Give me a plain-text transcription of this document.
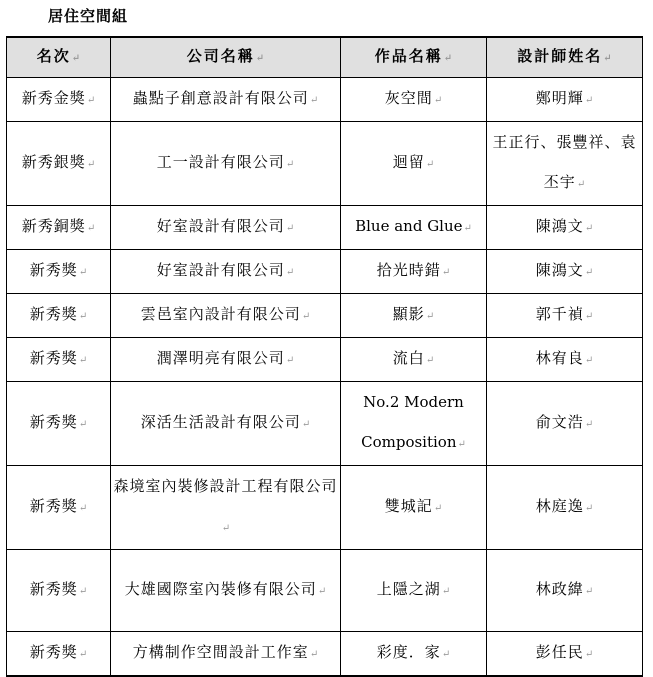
居住空間組
名次↵	公司名稱↵	作品名稱↵	設計師姓名↵
新秀金獎↵	蟲點子創意設計有限公司↵	灰空間↵	鄭明輝↵
新秀銀獎↵	工一設計有限公司↵	迴留↵	王正行、張豐祥、袁丕宇↵
新秀銅獎↵	好室設計有限公司↵	Blue and Glue↵	陳鴻文↵
新秀獎↵	好室設計有限公司↵	拾光時錯↵	陳鴻文↵
新秀獎↵	雲邑室內設計有限公司↵	顯影↵	郭千禎↵
新秀獎↵	潤澤明亮有限公司↵	流白↵	林宥良↵
新秀獎↵	深活生活設計有限公司↵	No.2 Modern Composition↵	俞文浩↵
新秀獎↵	森境室內裝修設計工程有限公司↵	雙城記↵	林庭逸↵
新秀獎↵	大雄國際室內裝修有限公司↵	上隱之湖↵	林政緯↵
新秀獎↵	方構制作空間設計工作室↵	彩度．家↵	彭任民↵
